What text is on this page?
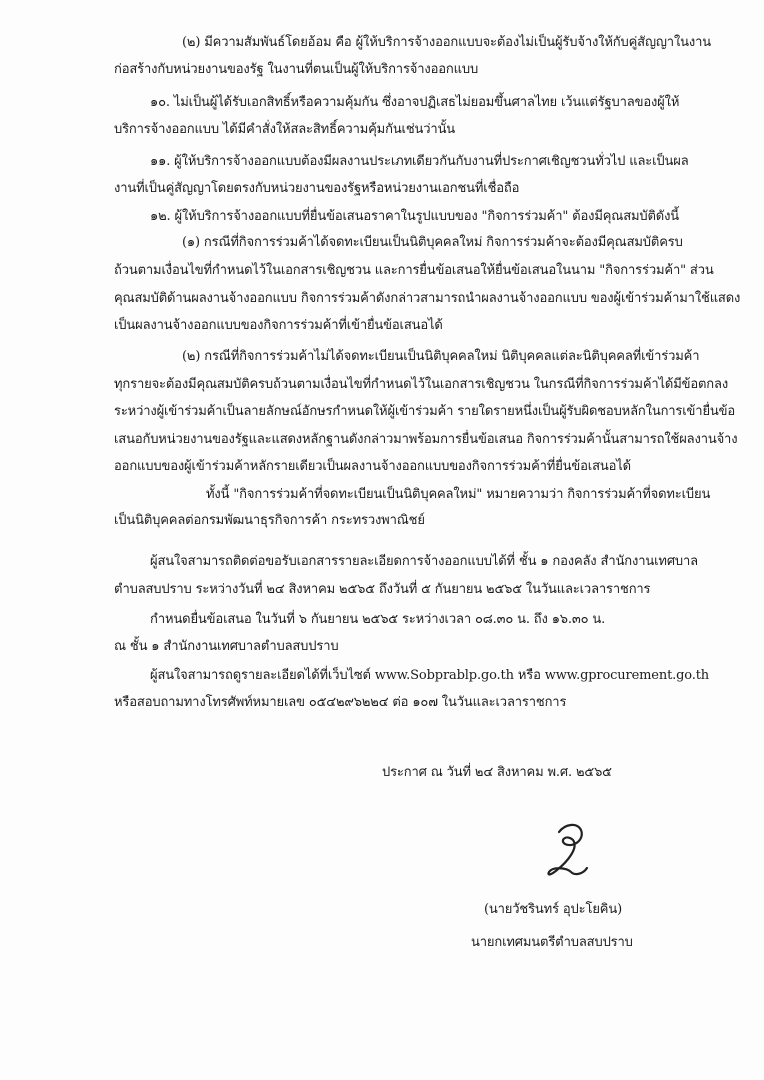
(๒) มีความสัมพันธ์โดยอ้อม คือ ผู้ให้บริการจ้างออกแบบจะต้องไม่เป็นผู้รับจ้างให้กับคู่สัญญาในงาน
ก่อสร้างกับหน่วยงานของรัฐ ในงานที่ตนเป็นผู้ให้บริการจ้างออกแบบ
๑๐. ไม่เป็นผู้ได้รับเอกสิทธิ์หรือความคุ้มกัน ซึ่งอาจปฏิเสธไม่ยอมขึ้นศาลไทย เว้นแต่รัฐบาลของผู้ให้
บริการจ้างออกแบบ ได้มีคำสั่งให้สละสิทธิ์ความคุ้มกันเช่นว่านั้น
๑๑. ผู้ให้บริการจ้างออกแบบต้องมีผลงานประเภทเดียวกันกับงานที่ประกาศเชิญชวนทั่วไป และเป็นผล
งานที่เป็นคู่สัญญาโดยตรงกับหน่วยงานของรัฐหรือหน่วยงานเอกชนที่เชื่อถือ
๑๒. ผู้ให้บริการจ้างออกแบบที่ยื่นข้อเสนอราคาในรูปแบบของ "กิจการร่วมค้า" ต้องมีคุณสมบัติดังนี้
(๑) กรณีที่กิจการร่วมค้าได้จดทะเบียนเป็นนิติบุคคลใหม่ กิจการร่วมค้าจะต้องมีคุณสมบัติครบ
ถ้วนตามเงื่อนไขที่กำหนดไว้ในเอกสารเชิญชวน และการยื่นข้อเสนอให้ยื่นข้อเสนอในนาม "กิจการร่วมค้า" ส่วน
คุณสมบัติด้านผลงานจ้างออกแบบ กิจการร่วมค้าดังกล่าวสามารถนำผลงานจ้างออกแบบ ของผู้เข้าร่วมค้ามาใช้แสดง
เป็นผลงานจ้างออกแบบของกิจการร่วมค้าที่เข้ายื่นข้อเสนอได้
(๒) กรณีที่กิจการร่วมค้าไม่ได้จดทะเบียนเป็นนิติบุคคลใหม่ นิติบุคคลแต่ละนิติบุคคลที่เข้าร่วมค้า
ทุกรายจะต้องมีคุณสมบัติครบถ้วนตามเงื่อนไขที่กำหนดไว้ในเอกสารเชิญชวน ในกรณีที่กิจการร่วมค้าได้มีข้อตกลง
ระหว่างผู้เข้าร่วมค้าเป็นลายลักษณ์อักษรกำหนดให้ผู้เข้าร่วมค้า รายใดรายหนึ่งเป็นผู้รับผิดชอบหลักในการเข้ายื่นข้อ
เสนอกับหน่วยงานของรัฐและแสดงหลักฐานดังกล่าวมาพร้อมการยื่นข้อเสนอ กิจการร่วมค้านั้นสามารถใช้ผลงานจ้าง
ออกแบบของผู้เข้าร่วมค้าหลักรายเดียวเป็นผลงานจ้างออกแบบของกิจการร่วมค้าที่ยื่นข้อเสนอได้
ทั้งนี้ "กิจการร่วมค้าที่จดทะเบียนเป็นนิติบุคคลใหม่" หมายความว่า กิจการร่วมค้าที่จดทะเบียน
เป็นนิติบุคคลต่อกรมพัฒนาธุรกิจการค้า กระทรวงพาณิชย์
ผู้สนใจสามารถติดต่อขอรับเอกสารรายละเอียดการจ้างออกแบบได้ที่ ชั้น ๑ กองคลัง สำนักงานเทศบาล
ตำบลสบปราบ ระหว่างวันที่ ๒๔ สิงหาคม ๒๕๖๕ ถึงวันที่ ๕ กันยายน ๒๕๖๕ ในวันและเวลาราชการ
กำหนดยื่นข้อเสนอ ในวันที่ ๖ กันยายน ๒๕๖๕ ระหว่างเวลา ๐๘.๓๐ น. ถึง ๑๖.๓๐ น.
ณ ชั้น ๑ สำนักงานเทศบาลตำบลสบปราบ
ผู้สนใจสามารถดูรายละเอียดได้ที่เว็บไซต์ www.Sobprablp.go.th หรือ www.gprocurement.go.th
หรือสอบถามทางโทรศัพท์หมายเลข ๐๕๔๒๙๖๒๒๔ ต่อ ๑๐๗ ในวันและเวลาราชการ
ประกาศ ณ วันที่ ๒๔ สิงหาคม พ.ศ. ๒๕๖๕
(นายวัชรินทร์ อุปะโยคิน)
นายกเทศมนตรีตำบลสบปราบ
